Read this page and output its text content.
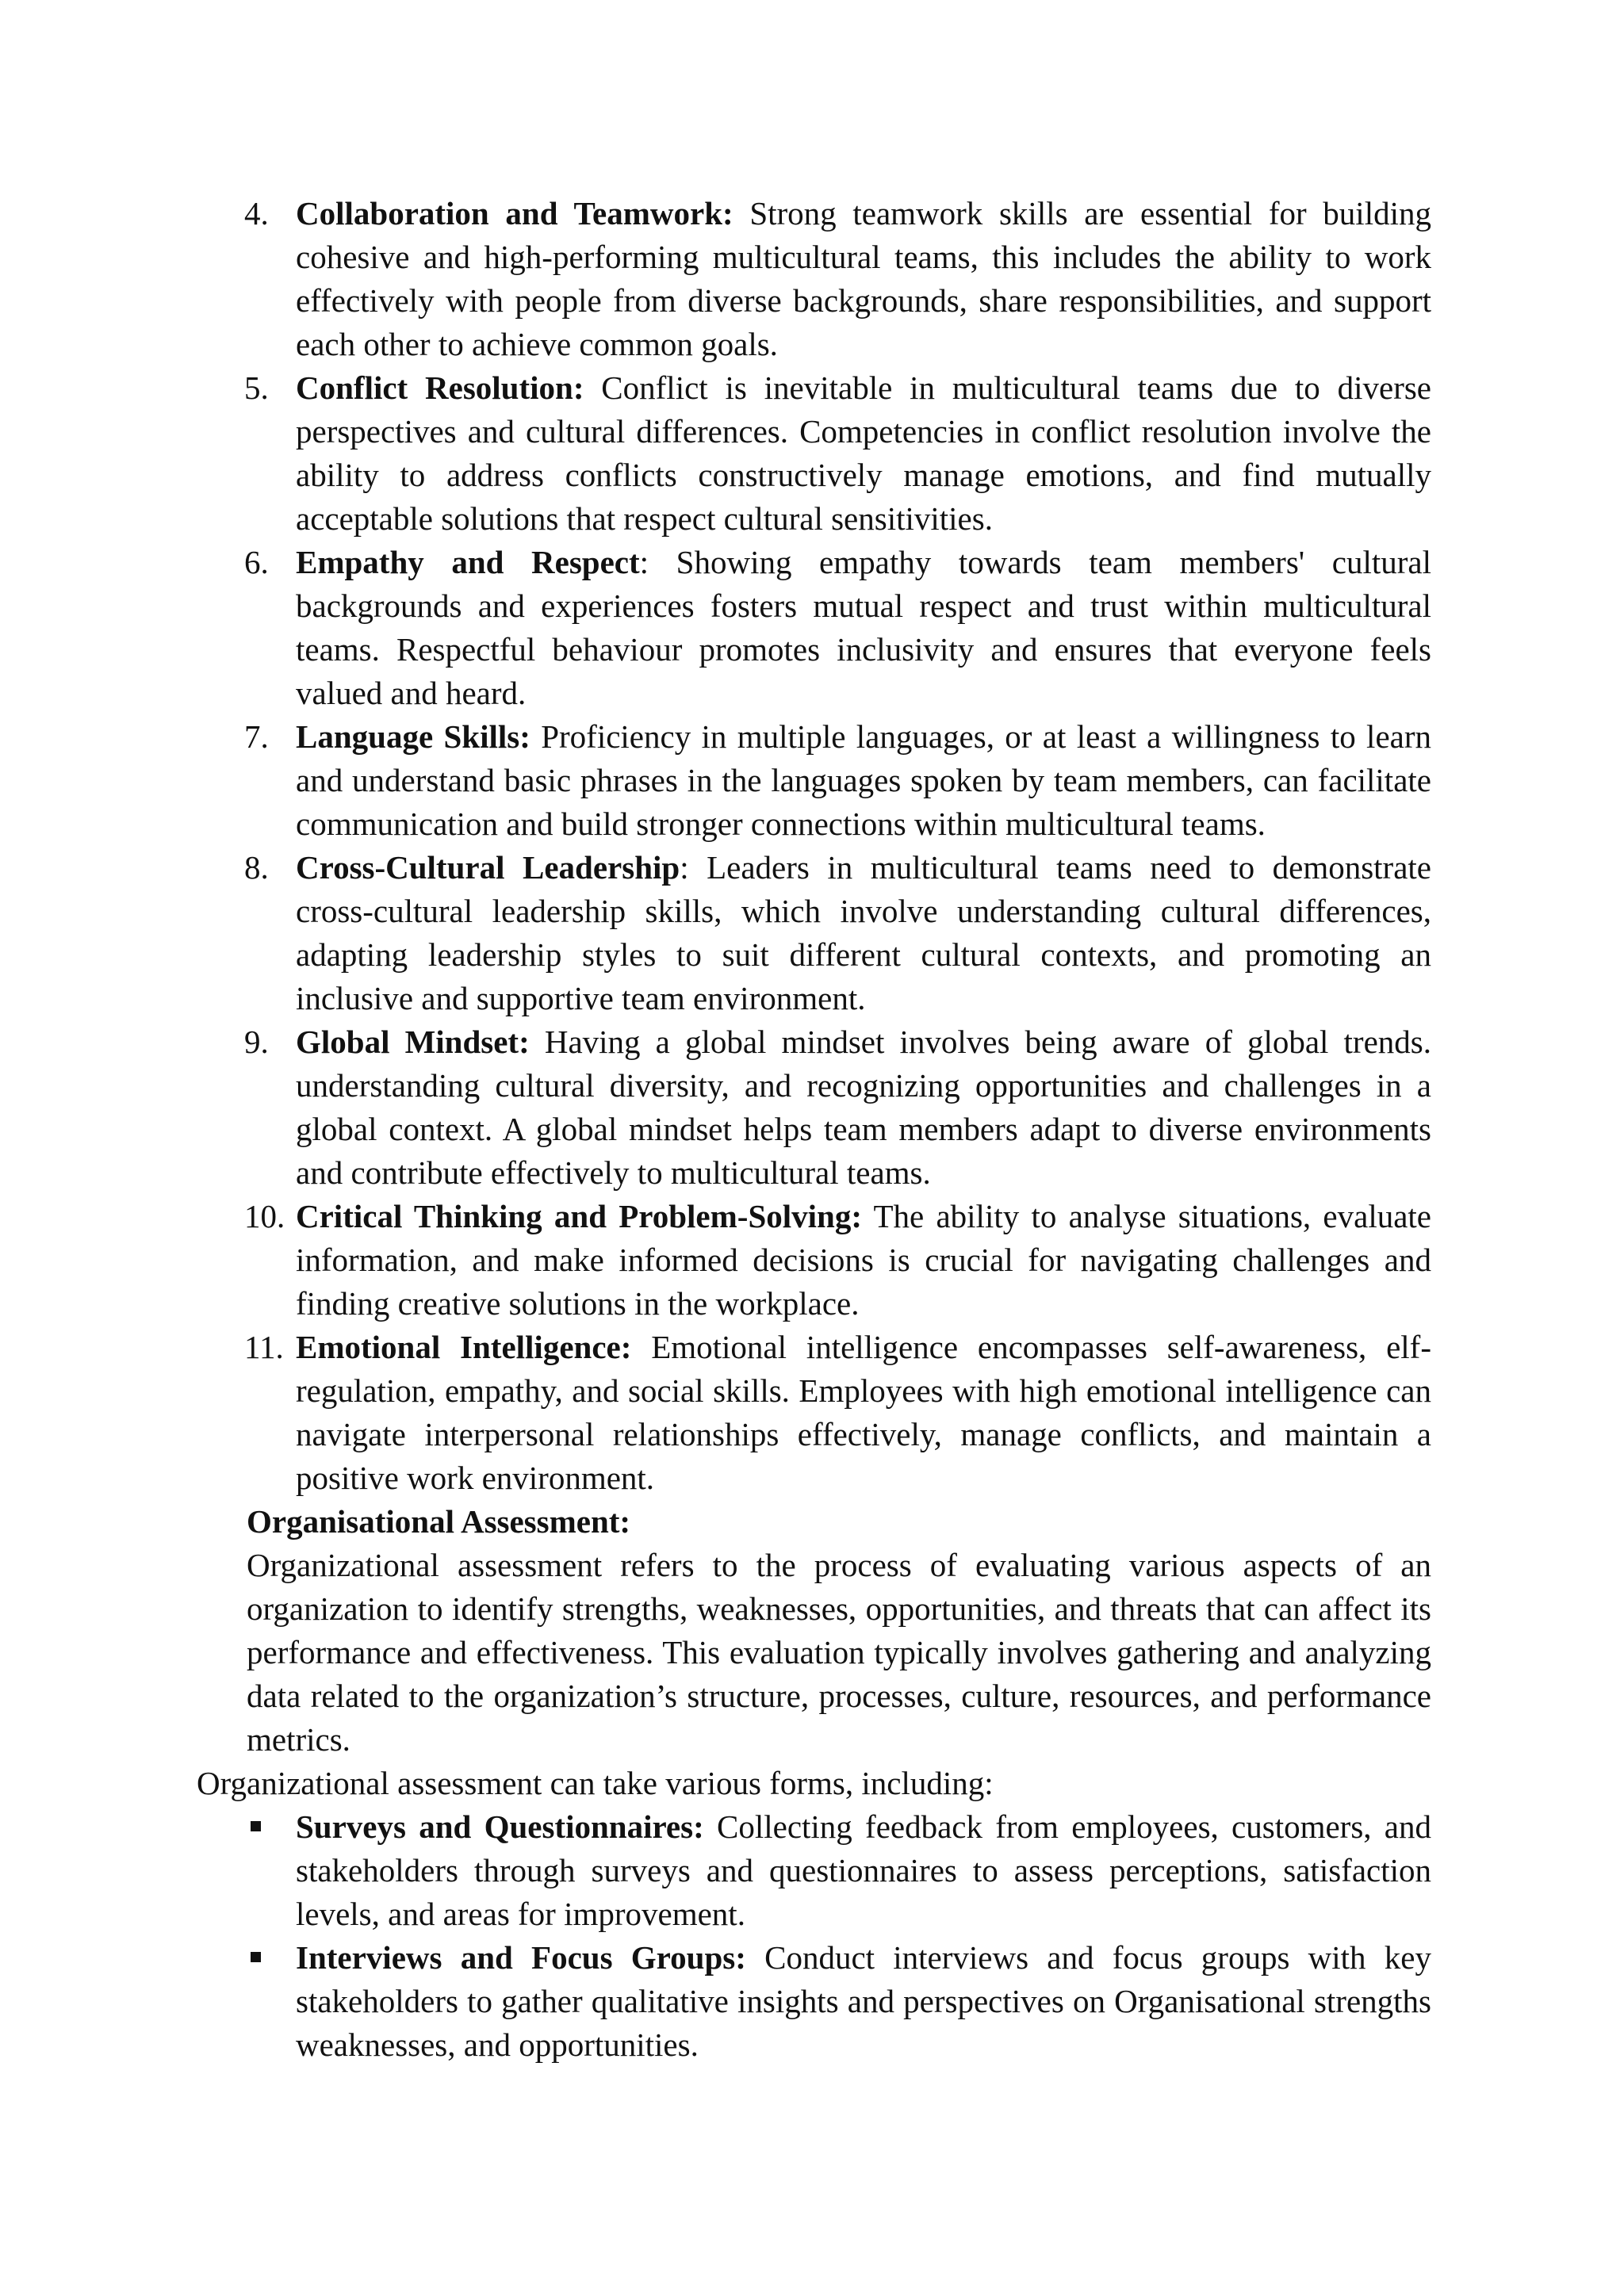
4. Collaboration and Teamwork: Strong teamwork skills are essential for building cohesive and high-performing multicultural teams, this includes the ability to work effectively with people from diverse backgrounds, share responsibilities, and support each other to achieve common goals.
5. Conflict Resolution: Conflict is inevitable in multicultural teams due to diverse perspectives and cultural differences. Competencies in conflict resolution involve the ability to address conflicts constructively manage emotions, and find mutually acceptable solutions that respect cultural sensitivities.
6. Empathy and Respect: Showing empathy towards team members' cultural backgrounds and experiences fosters mutual respect and trust within multicultural teams. Respectful behaviour promotes inclusivity and ensures that everyone feels valued and heard.
7. Language Skills: Proficiency in multiple languages, or at least a willingness to learn and understand basic phrases in the languages spoken by team members, can facilitate communication and build stronger connections within multicultural teams.
8. Cross-Cultural Leadership: Leaders in multicultural teams need to demonstrate cross-cultural leadership skills, which involve understanding cultural differences, adapting leadership styles to suit different cultural contexts, and promoting an inclusive and supportive team environment.
9. Global Mindset: Having a global mindset involves being aware of global trends. understanding cultural diversity, and recognizing opportunities and challenges in a global context. A global mindset helps team members adapt to diverse environments and contribute effectively to multicultural teams.
10. Critical Thinking and Problem-Solving: The ability to analyse situations, evaluate information, and make informed decisions is crucial for navigating challenges and finding creative solutions in the workplace.
11. Emotional Intelligence: Emotional intelligence encompasses self-awareness, elf-regulation, empathy, and social skills. Employees with high emotional intelligence can navigate interpersonal relationships effectively, manage conflicts, and maintain a positive work environment.
Organisational Assessment:
Organizational assessment refers to the process of evaluating various aspects of an organization to identify strengths, weaknesses, opportunities, and threats that can affect its performance and effectiveness. This evaluation typically involves gathering and analyzing data related to the organization’s structure, processes, culture, resources, and performance metrics.
Organizational assessment can take various forms, including:
Surveys and Questionnaires: Collecting feedback from employees, customers, and stakeholders through surveys and questionnaires to assess perceptions, satisfaction levels, and areas for improvement.
Interviews and Focus Groups: Conduct interviews and focus groups with key stakeholders to gather qualitative insights and perspectives on Organisational strengths weaknesses, and opportunities.
